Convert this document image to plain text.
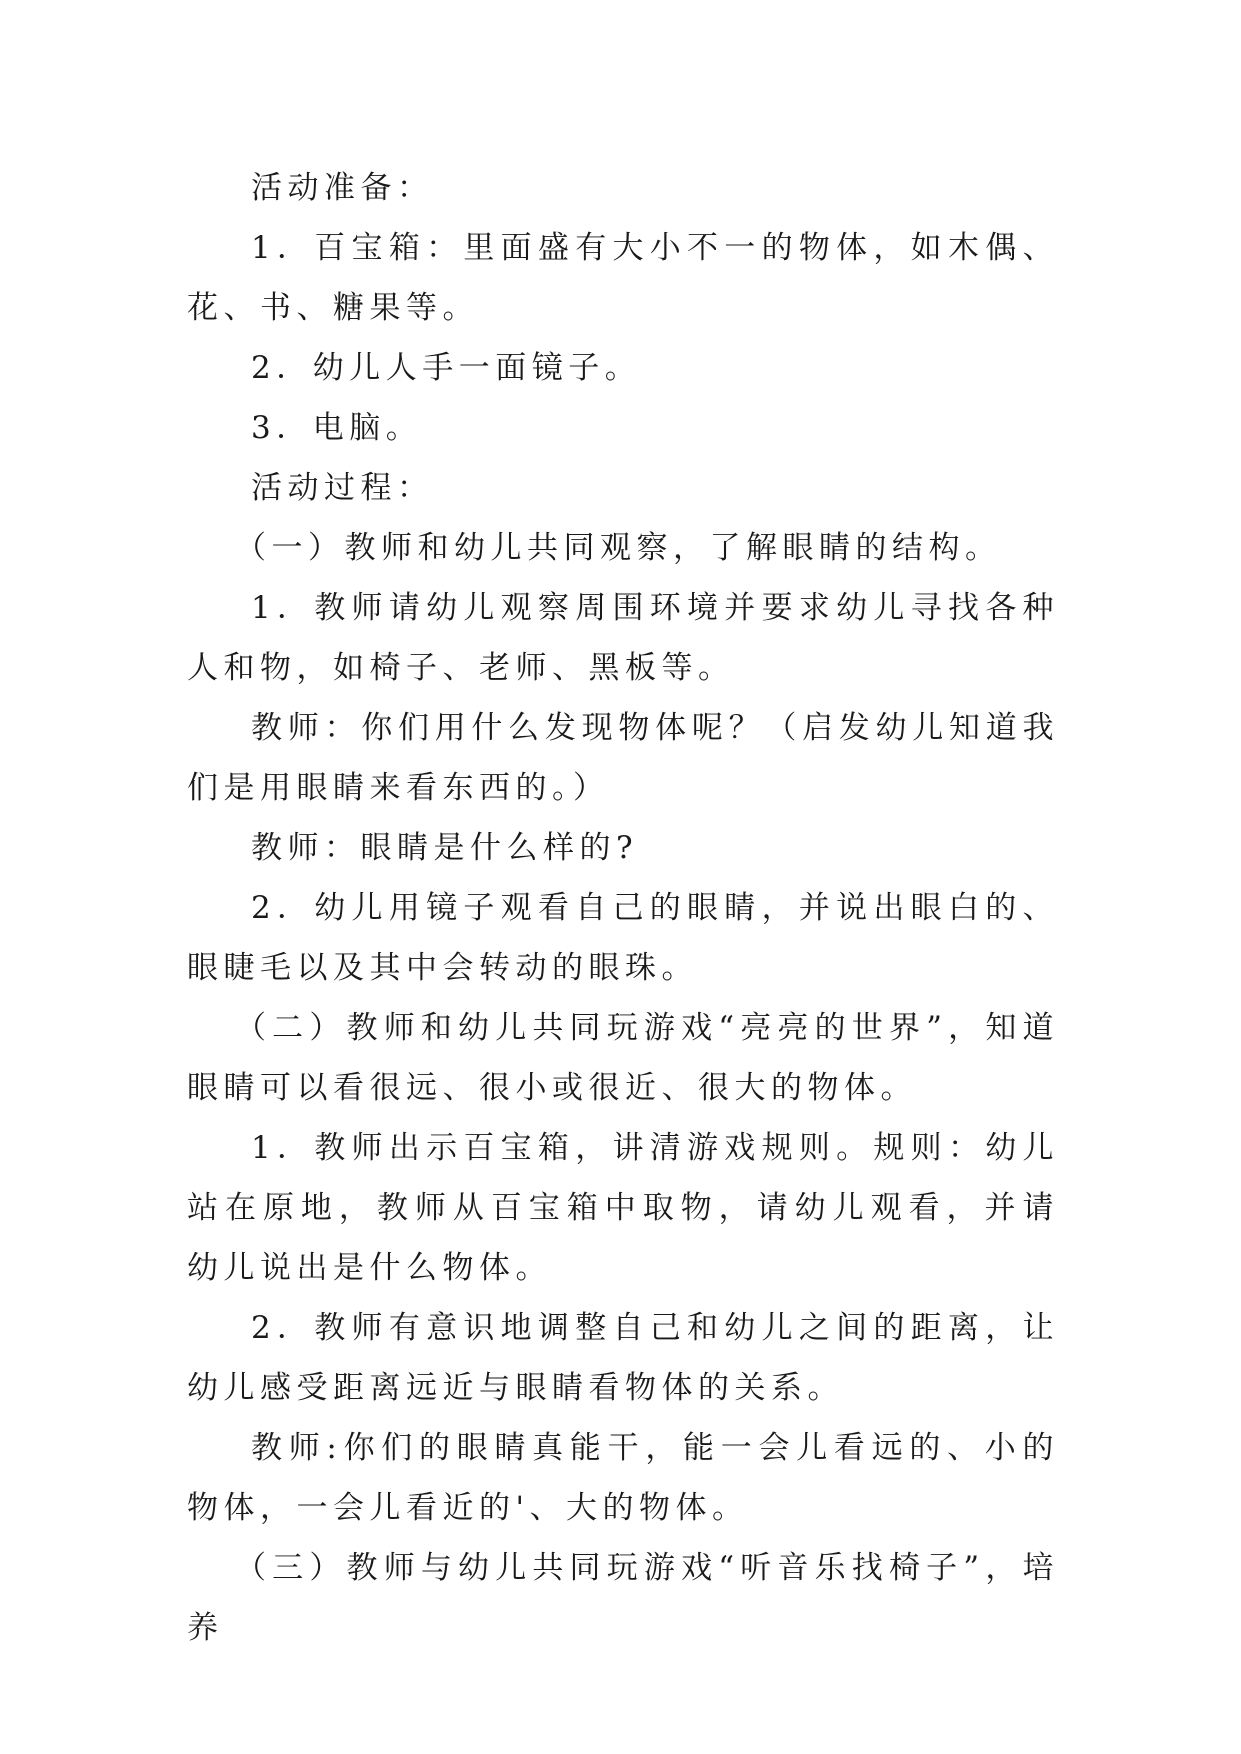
活动准备：

1．百宝箱：里面盛有大小不一的物体，如木偶、花、书、糖果等。

2．幼儿人手一面镜子。

3．电脑。

活动过程：

（一）教师和幼儿共同观察，了解眼睛的结构。

1．教师请幼儿观察周围环境并要求幼儿寻找各种人和物，如椅子、老师、黑板等。

教师：你们用什么发现物体呢？（启发幼儿知道我们是用眼睛来看东西的。）

教师：眼睛是什么样的?

2．幼儿用镜子观看自己的眼睛，并说出眼白的、眼睫毛以及其中会转动的眼珠。

（二）教师和幼儿共同玩游戏“亮亮的世界”，知道眼睛可以看很远、很小或很近、很大的物体。

1．教师出示百宝箱，讲清游戏规则。规则：幼儿站在原地，教师从百宝箱中取物，请幼儿观看，并请幼儿说出是什么物体。

2．教师有意识地调整自己和幼儿之间的距离，让幼儿感受距离远近与眼睛看物体的关系。

教师:你们的眼睛真能干，能一会儿看远的、小的物体，一会儿看近的'、大的物体。

（三）教师与幼儿共同玩游戏“听音乐找椅子”，培养
